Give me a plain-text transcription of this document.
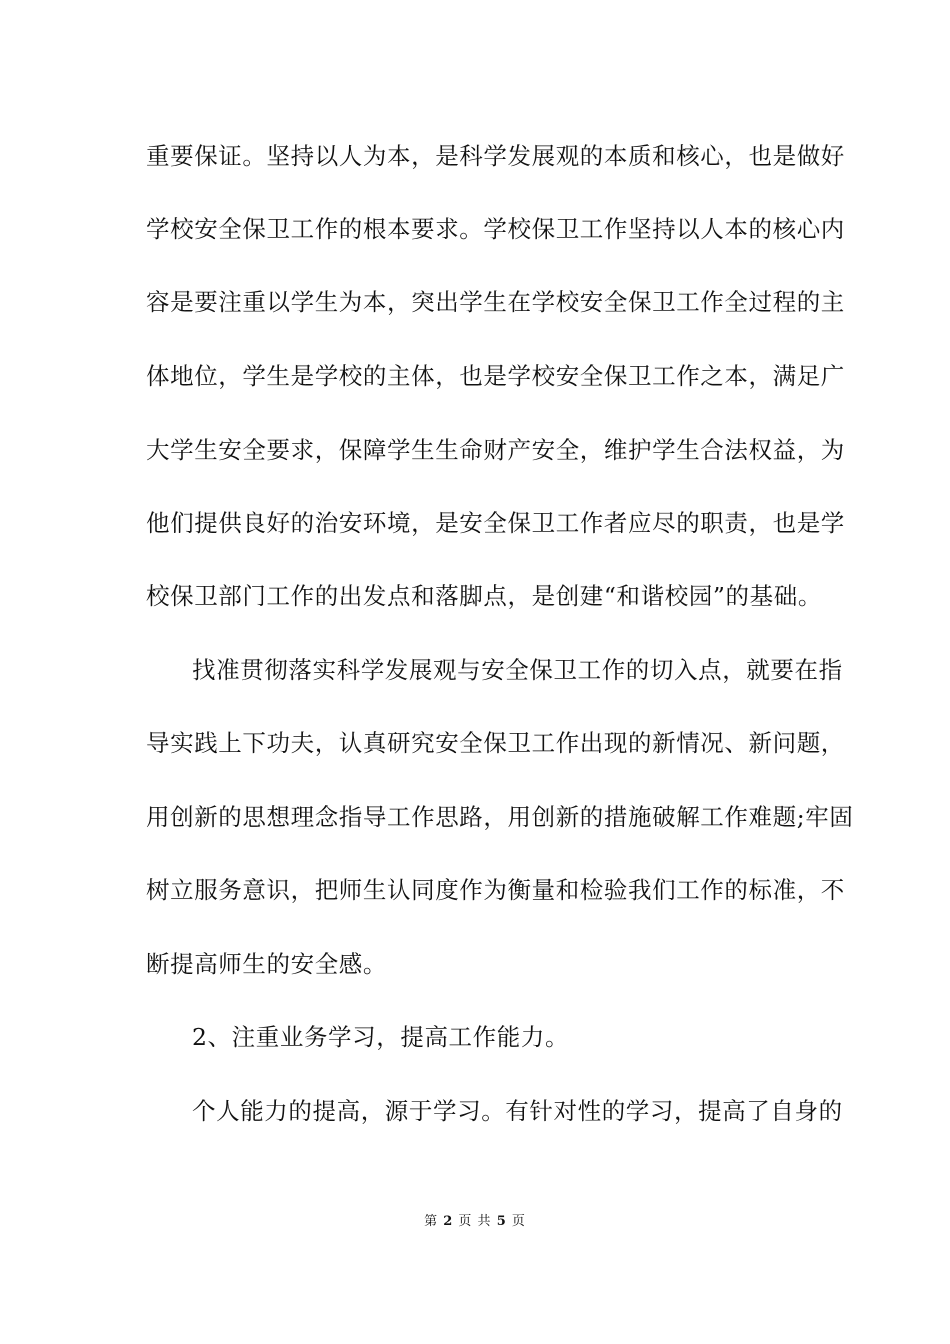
重要保证。坚持以人为本，是科学发展观的本质和核心，也是做好
学校安全保卫工作的根本要求。学校保卫工作坚持以人本的核心内
容是要注重以学生为本，突出学生在学校安全保卫工作全过程的主
体地位，学生是学校的主体，也是学校安全保卫工作之本，满足广
大学生安全要求，保障学生生命财产安全，维护学生合法权益，为
他们提供良好的治安环境，是安全保卫工作者应尽的职责，也是学
校保卫部门工作的出发点和落脚点，是创建“和谐校园”的基础。
找准贯彻落实科学发展观与安全保卫工作的切入点，就要在指
导实践上下功夫，认真研究安全保卫工作出现的新情况、新问题，
用创新的思想理念指导工作思路，用创新的措施破解工作难题;牢固
树立服务意识，把师生认同度作为衡量和检验我们工作的标准，不
断提高师生的安全感。
2、注重业务学习，提高工作能力。
个人能力的提高，源于学习。有针对性的学习，提高了自身的
第 2 页 共 5 页
